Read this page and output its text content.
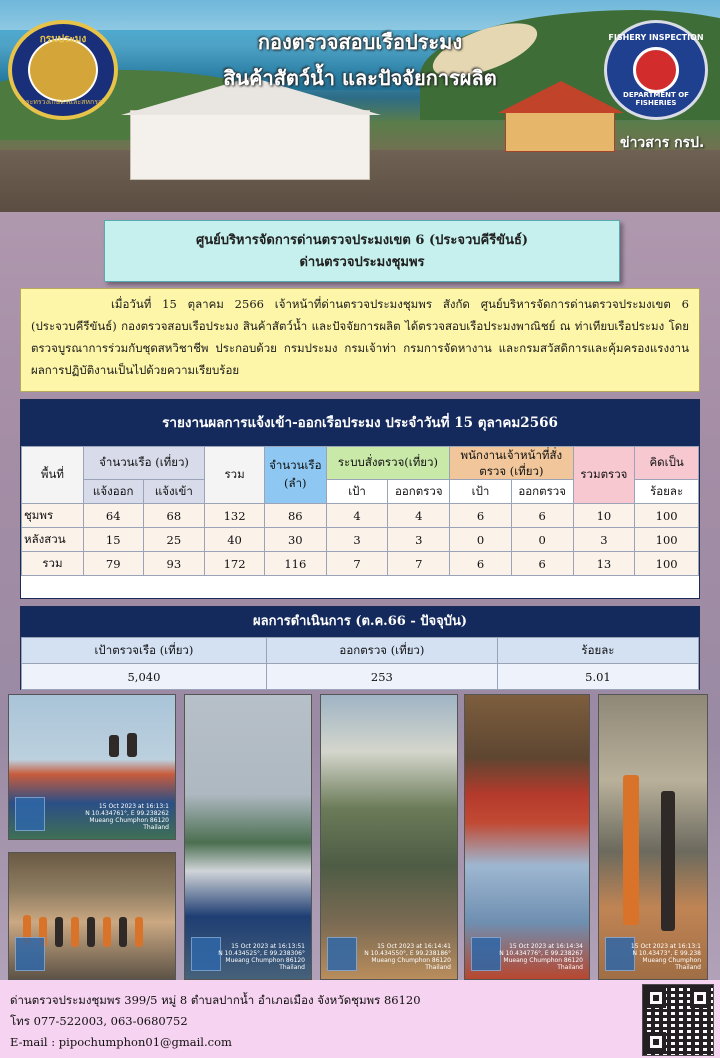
กรมประมง
กระทรวงเกษตรและสหกรณ์
กองตรวจสอบเรือประมง
สินค้าสัตว์น้ำ และปัจจัยการผลิต
FISHERY INSPECTION
DEPARTMENT OF FISHERIES
ข่าวสาร กรป.
ศูนย์บริหารจัดการด่านตรวจประมงเขต 6 (ประจวบคีรีขันธ์)
ด่านตรวจประมงชุมพร

เมื่อวันที่ 15 ตุลาคม 2566 เจ้าหน้าที่ด่านตรวจประมงชุมพร สังกัด ศูนย์บริหารจัดการด่านตรวจประมงเขต 6 (ประจวบคีรีขันธ์) กองตรวจสอบเรือประมง สินค้าสัตว์น้ำ และปัจจัยการผลิต ได้ตรวจสอบเรือประมงพาณิชย์ ณ ท่าเทียบเรือประมง โดยตรวจบูรณาการร่วมกับชุดสหวิชาชีพ ประกอบด้วย กรมประมง กรมเจ้าท่า กรมการจัดหางาน และกรมสวัสดิการและคุ้มครองแรงงาน ผลการปฏิบัติงานเป็นไปด้วยความเรียบร้อย

รายงานผลการแจ้งเข้า-ออกเรือประมง ประจำวันที่ 15 ตุลาคม2566
พื้นที่	จำนวนเรือ (เที่ยว)		รวม	จำนวนเรือ
(ลำ)	ระบบสั่งตรวจ(เที่ยว)		พนักงานเจ้าหน้าที่สั่งตรวจ (เที่ยว)		รวมตรวจ	คิดเป็น
	แจ้งออก	แจ้งเข้า			เป้า	ออกตรวจ	เป้า	ออกตรวจ		ร้อยละ
ชุมพร	64	68	132	86	4	4	6	6	10	100
หลังสวน	15	25	40	30	3	3	0	0	3	100
รวม	79	93	172	116	7	7	6	6	13	100
ผลการดำเนินการ (ต.ค.66 - ปัจจุบัน)
เป้าตรวจเรือ (เที่ยว)	ออกตรวจ (เที่ยว)	ร้อยละ
5,040	253	5.01
15 Oct 2023 at 16:13:1
N 10.434761°, E 99.238262
Mueang Chumphon 86120
Thailand
15 Oct 2023 at 16:13:51
N 10.434525°, E 99.238306°
Mueang Chumphon 86120
Thailand
15 Oct 2023 at 16:14:41
N 10.434550°, E 99.238186°
Mueang Chumphon 86120
Thailand
15 Oct 2023 at 16:14:34
N 10.434776°, E 99.238267
Mueang Chumphon 86120
Thailand
15 Oct 2023 at 16:13:1
N 10.43473°, E 99.238
Mueang Chumphon
Thailand
ด่านตรวจประมงชุมพร 399/5 หมู่ 8 ตำบลปากน้ำ อำเภอเมือง จังหวัดชุมพร 86120
โทร 077-522003, 063-0680752
E-mail : pipochumphon01@gmail.com
